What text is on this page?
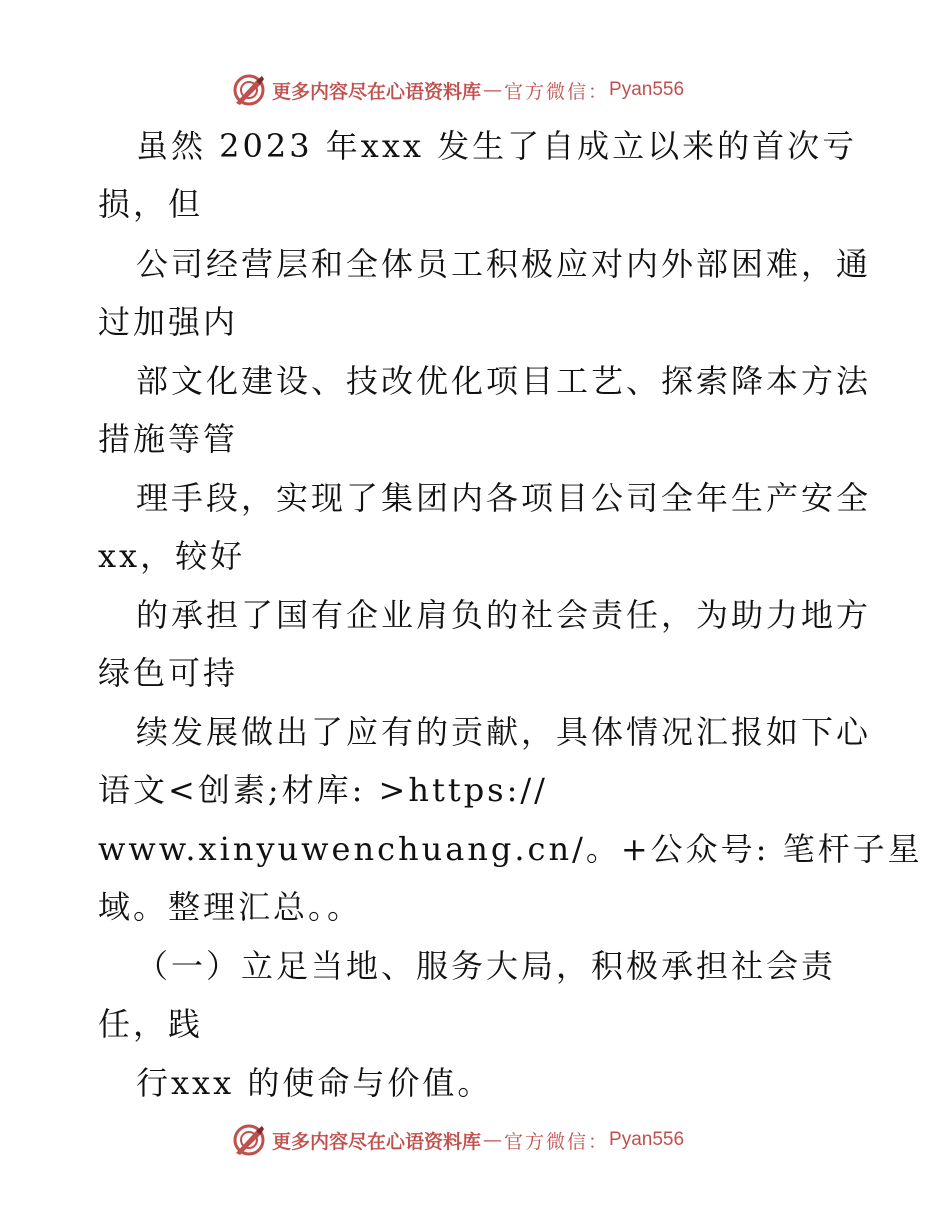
更多内容尽在心语资料库 — 官方微信： Pyan556
虽然 2023 年xxx 发生了自成立以来的首次亏
损，但
公司经营层和全体员工积极应对内外部困难，通
过加强内
部文化建设、技改优化项目工艺、探索降本方法
措施等管
理手段，实现了集团内各项目公司全年生产安全
xx，较好
的承担了国有企业肩负的社会责任，为助力地方
绿色可持
续发展做出了应有的贡献，具体情况汇报如下心
语文<创素;材库: >https://
www.xinyuwenchuang.cn/。+公众号: 笔杆子星
域。整理汇总。。
（一）立足当地、服务大局，积极承担社会责
任，践
行xxx 的使命与价值。
更多内容尽在心语资料库 — 官方微信： Pyan556
